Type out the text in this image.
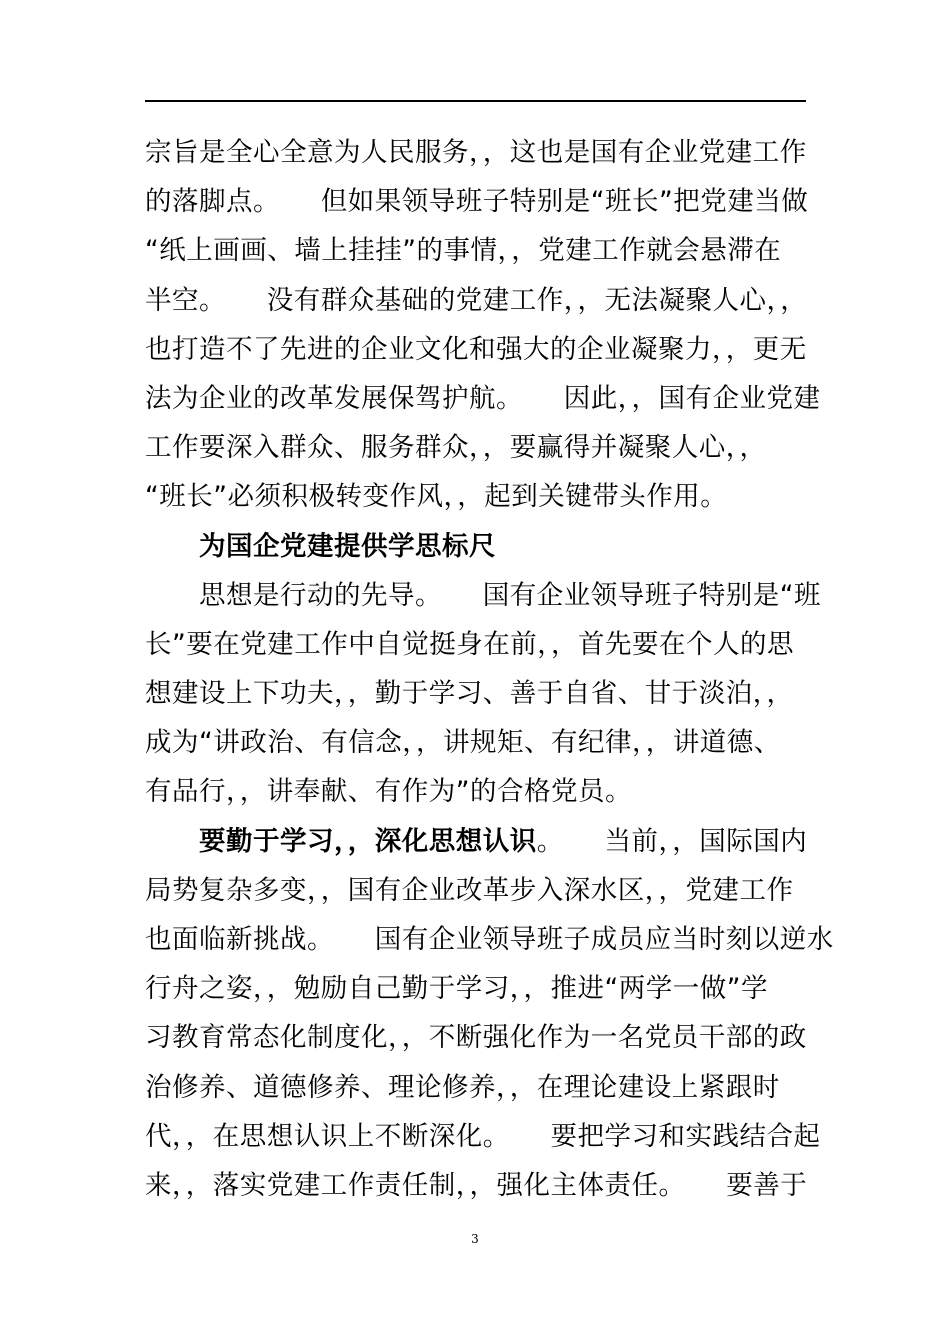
宗旨是全心全意为人民服务，，这也是国有企业党建工作
的落脚点。　　但如果领导班子特别是“班长”把党建当做
“纸上画画、墙上挂挂”的事情，，党建工作就会悬滞在
半空。　　没有群众基础的党建工作，，无法凝聚人心，，
也打造不了先进的企业文化和强大的企业凝聚力，，更无
法为企业的改革发展保驾护航。　　因此，，国有企业党建
工作要深入群众、服务群众，，要赢得并凝聚人心，，
“班长”必须积极转变作风，，起到关键带头作用。
　　为国企党建提供学思标尺
　　思想是行动的先导。　　国有企业领导班子特别是“班
长”要在党建工作中自觉挺身在前，，首先要在个人的思
想建设上下功夫，，勤于学习、善于自省、甘于淡泊，，
成为“讲政治、有信念，，讲规矩、有纪律，，讲道德、
有品行，，讲奉献、有作为”的合格党员。
　　要勤于学习，，深化思想认识。　　当前，，国际国内
局势复杂多变，，国有企业改革步入深水区，，党建工作
也面临新挑战。　　国有企业领导班子成员应当时刻以逆水
行舟之姿，，勉励自己勤于学习，，推进“两学一做”学
习教育常态化制度化，，不断强化作为一名党员干部的政
治修养、道德修养、理论修养，，在理论建设上紧跟时
代，，在思想认识上不断深化。　　要把学习和实践结合起
来，，落实党建工作责任制，，强化主体责任。　　要善于
3
